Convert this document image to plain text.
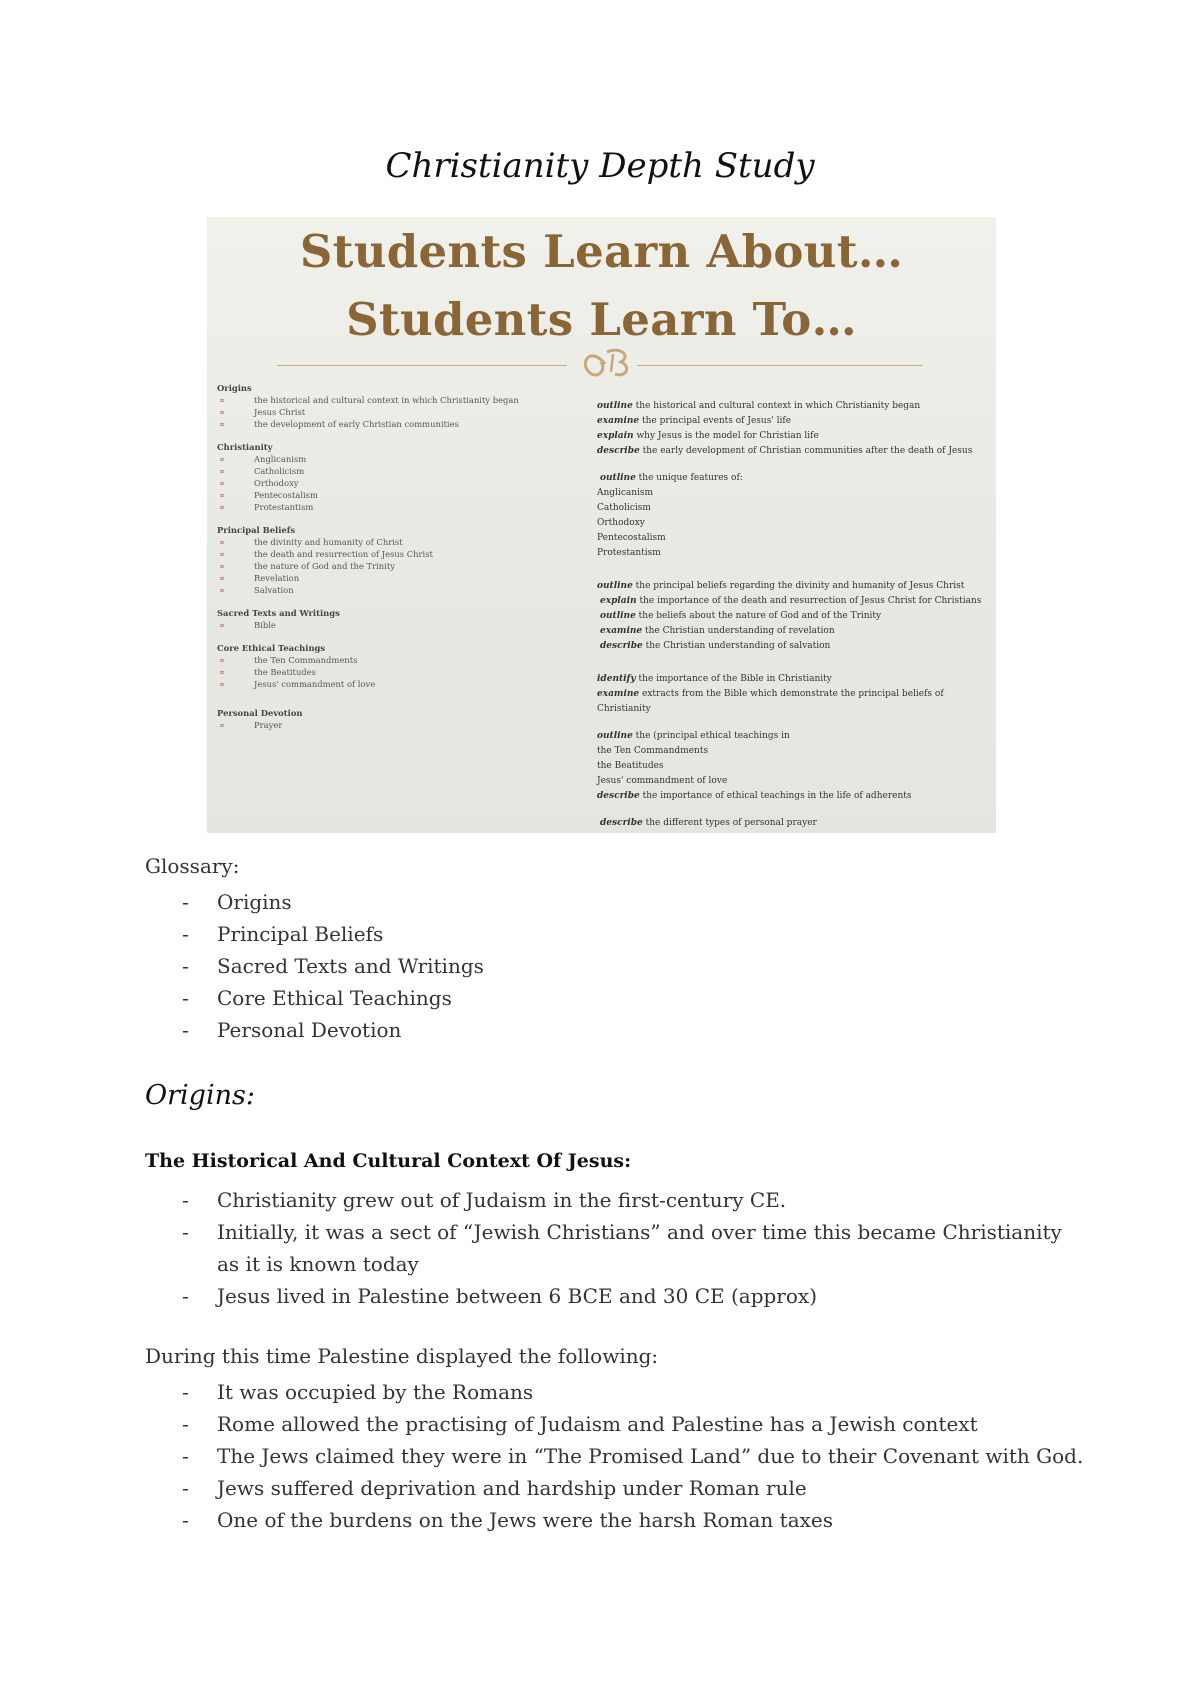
Christianity Depth Study
Students Learn About…
Students Learn To…
Origins
∝	the historical and cultural context in which Christianity began
∝	Jesus Christ
∝	the development of early Christian communities
Christianity
∝	Anglicanism
∝	Catholicism
∝	Orthodoxy
∝	Pentecostalism
∝	Protestantism
Principal Beliefs
∝	the divinity and humanity of Christ
∝	the death and resurrection of Jesus Christ
∝	the nature of God and the Trinity
∝	Revelation
∝	Salvation
Sacred Texts and Writings
∝	Bible
Core Ethical Teachings
∝	the Ten Commandments
∝	the Beatitudes
∝	Jesus' commandment of love
Personal Devotion
∝	Prayer
outline the historical and cultural context in which Christianity began
examine the principal events of Jesus' life
explain why Jesus is the model for Christian life
describe the early development of Christian communities after the death of Jesus
outline the unique features of:
Anglicanism
Catholicism
Orthodoxy
Pentecostalism
Protestantism
outline the principal beliefs regarding the divinity and humanity of Jesus Christ
explain the importance of the death and resurrection of Jesus Christ for Christians
outline the beliefs about the nature of God and of the Trinity
examine the Christian understanding of revelation
describe the Christian understanding of salvation
identify the importance of the Bible in Christianity
examine extracts from the Bible which demonstrate the principal beliefs of Christianity
outline the (principal ethical teachings in
the Ten Commandments
the Beatitudes
Jesus' commandment of love
describe the importance of ethical teachings in the life of adherents
describe the different types of personal prayer

Glossary:

- Origins
- Principal Beliefs
- Sacred Texts and Writings
- Core Ethical Teachings
- Personal Devotion
Origins:
The Historical And Cultural Context Of Jesus:
- Christianity grew out of Judaism in the first-century CE.
- Initially, it was a sect of “Jewish Christians” and over time this became Christianity as it is known today
- Jesus lived in Palestine between 6 BCE and 30 CE (approx)

During this time Palestine displayed the following:

- It was occupied by the Romans
- Rome allowed the practising of Judaism and Palestine has a Jewish context
- The Jews claimed they were in “The Promised Land” due to their Covenant with God.
- Jews suffered deprivation and hardship under Roman rule
- One of the burdens on the Jews were the harsh Roman taxes
